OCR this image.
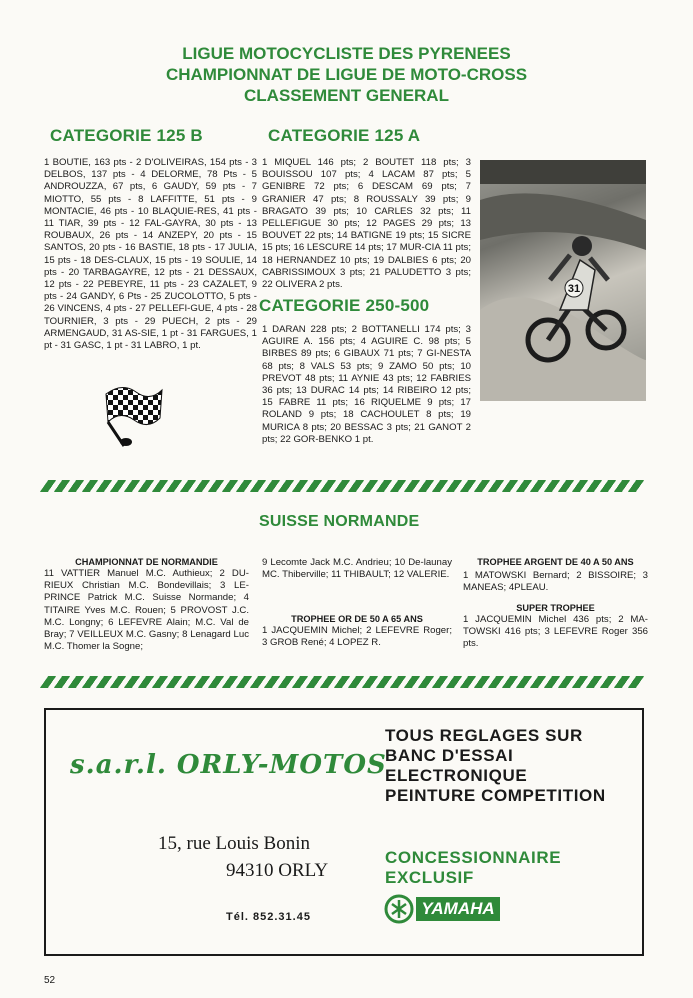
LIGUE MOTOCYCLISTE DES PYRENEES
CHAMPIONNAT DE LIGUE DE MOTO-CROSS
CLASSEMENT GENERAL
CATEGORIE 125 B
1 BOUTIE, 163 pts - 2 D'OLIVEIRAS, 154 pts - 3 DELBOS, 137 pts - 4 DELORME, 78 Pts - 5 ANDROUZZA, 67 pts, 6 GAUDY, 59 pts - 7 MIOTTO, 55 pts - 8 LAFFITTE, 51 pts - 9 MONTACIE, 46 pts - 10 BLAQUIE-RES, 41 pts - 11 TIAR, 39 pts - 12 FAL-GAYRA, 30 pts - 13 ROUBAUX, 26 pts - 14 ANZEPY, 20 pts - 15 SANTOS, 20 pts - 16 BASTIE, 18 pts - 17 JULIA, 15 pts - 18 DES-CLAUX, 15 pts - 19 SOULIE, 14 pts - 20 TARBAGAYRE, 12 pts - 21 DESSAUX, 12 pts - 22 PEBEYRE, 11 pts - 23 CAZALET, 9 pts - 24 GANDY, 6 Pts - 25 ZUCOLOTTO, 5 pts - 26 VINCENS, 4 pts - 27 PELLEFI-GUE, 4 pts - 28 TOURNIER, 3 pts - 29 PUECH, 2 pts - 29 ARMENGAUD, 31 AS-SIE, 1 pt - 31 FARGUES, 1 pt - 31 GASC, 1 pt - 31 LABRO, 1 pt.
CATEGORIE 125 A
1 MIQUEL 146 pts; 2 BOUTET 118 pts; 3 BOUISSOU 107 pts; 4 LACAM 87 pts; 5 GENIBRE 72 pts; 6 DESCAM 69 pts; 7 GRANIER 47 pts; 8 ROUSSALY 39 pts; 9 BRAGATO 39 pts; 10 CARLES 32 pts; 11 PELLEFIGUE 30 pts; 12 PAGES 29 pts; 13 BOUVET 22 pts; 14 BATIGNE 19 pts; 15 SICRE 15 pts; 16 LESCURE 14 pts; 17 MUR-CIA 11 pts; 18 HERNANDEZ 10 pts; 19 DALBIES 6 pts; 20 CABRISSIMOUX 3 pts; 21 PALUDETTO 3 pts; 22 OLIVERA 2 pts.
CATEGORIE 250-500
1 DARAN 228 pts; 2 BOTTANELLI 174 pts; 3 AGUIRE A. 156 pts; 4 AGUIRE C. 98 pts; 5 BIRBES 89 pts; 6 GIBAUX 71 pts; 7 GI-NESTA 68 pts; 8 VALS 53 pts; 9 ZAMO 50 pts; 10 PREVOT 48 pts; 11 AYNIE 43 pts; 12 FABRIES 36 pts; 13 DURAC 14 pts; 14 RIBEIRO 12 pts; 15 FABRE 11 pts; 16 RIQUELME 9 pts; 17 ROLAND 9 pts; 18 CACHOULET 8 pts; 19 MURICA 8 pts; 20 BESSAC 3 pts; 21 GANOT 2 pts; 22 GOR-BENKO 1 pt.
31
SUISSE NORMANDE
CHAMPIONNAT DE NORMANDIE
11 VATTIER Manuel M.C. Authieux; 2 DU-RIEUX Christian M.C. Bondevillais; 3 LE-PRINCE Patrick M.C. Suisse Normande; 4 TITAIRE Yves M.C. Rouen; 5 PROVOST J.C. M.C. Longny; 6 LEFEVRE Alain; M.C. Val de Bray; 7 VEILLEUX M.C. Gasny; 8 Lenagard Luc M.C. Thomer la Sogne;
9 Lecomte Jack M.C. Andrieu; 10 De-launay MC. Thiberville; 11 THIBAULT; 12 VALERIE.
TROPHEE OR DE 50 A 65 ANS
1 JACQUEMIN Michel; 2 LEFEVRE Roger; 3 GROB René; 4 LOPEZ R.
TROPHEE ARGENT DE 40 A 50 ANS
1 MATOWSKI Bernard; 2 BISSOIRE; 3 MANEAS; 4PLEAU.
SUPER TROPHEE
1 JACQUEMIN Michel 436 pts; 2 MA-TOWSKI 416 pts; 3 LEFEVRE Roger 356 pts.
s.a.r.l. ORLY-MOTOS
15, rue Louis Bonin
94310 ORLY
Tél. 852.31.45
TOUS REGLAGES SUR
BANC D'ESSAI
ELECTRONIQUE
PEINTURE COMPETITION
CONCESSIONNAIRE
EXCLUSIF
YAMAHA
52
